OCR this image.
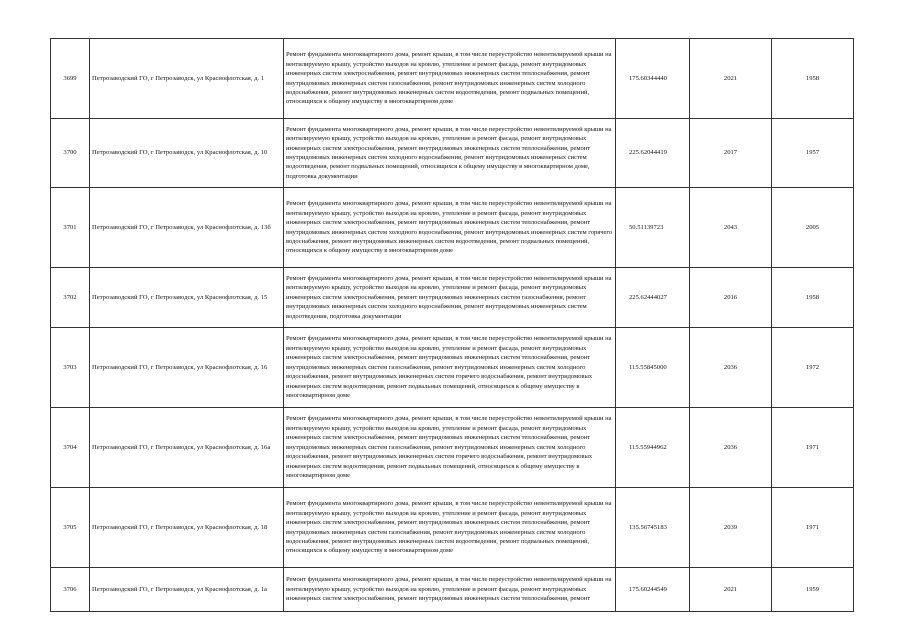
3699	Петрозаводский ГО, г Петрозаводск, ул Краснофлотская, д. 1	Ремонт фундамента многоквартирного дома, ремонт крыши, в том числе переустройство невентилируемой крыши на вентилируемую крышу, устройство выходов на кровлю, утепление и ремонт фасада, ремонт внутридомовых инженерных систем электроснабжения, ремонт внутридомовых инженерных систем теплоснабжения, ремонт внутридомовых инженерных систем газоснабжения, ремонт внутридомовых инженерных систем холодного водоснабжения, ремонт внутридомовых инженерных систем водоотведения, ремонт подвальных помещений, относящихся к общему имуществу в многоквартирном доме	175.60344440	2021	1958
3700	Петрозаводский ГО, г Петрозаводск, ул Краснофлотская, д. 10	Ремонт фундамента многоквартирного дома, ремонт крыши, в том числе переустройство невентилируемой крыши на вентилируемую крышу, устройство выходов на кровлю, утепление и ремонт фасада, ремонт внутридомовых инженерных систем электроснабжения, ремонт внутридомовых инженерных систем теплоснабжения, ремонт внутридомовых инженерных систем холодного водоснабжения, ремонт внутридомовых инженерных систем водоотведения, ремонт подвальных помещений, относящихся к общему имуществу в многоквартирном доме, подготовка документации	225.62044419	2017	1957
3701	Петрозаводский ГО, г Петрозаводск, ул Краснофлотская, д. 13б	Ремонт фундамента многоквартирного дома, ремонт крыши, в том числе переустройство невентилируемой крыши на вентилируемую крышу, устройство выходов на кровлю, утепление и ремонт фасада, ремонт внутридомовых инженерных систем электроснабжения, ремонт внутридомовых инженерных систем теплоснабжения, ремонт внутридомовых инженерных систем холодного водоснабжения, ремонт внутридомовых инженерных систем горячего водоснабжения, ремонт внутридомовых инженерных систем водоотведения, ремонт подвальных помещений, относящихся к общему имуществу в многоквартирном доме	50.51139723	2043	2005
3702	Петрозаводский ГО, г Петрозаводск, ул Краснофлотская, д. 15	Ремонт фундамента многоквартирного дома, ремонт крыши, в том числе переустройство невентилируемой крыши на вентилируемую крышу, устройство выходов на кровлю, утепление и ремонт фасада, ремонт внутридомовых инженерных систем электроснабжения, ремонт внутридомовых инженерных систем газоснабжения, ремонт внутридомовых инженерных систем холодного водоснабжения, ремонт внутридомовых инженерных систем водоотведения, подготовка документации	225.62444027	2016	1958
3703	Петрозаводский ГО, г Петрозаводск, ул Краснофлотская, д. 16	Ремонт фундамента многоквартирного дома, ремонт крыши, в том числе переустройство невентилируемой крыши на вентилируемую крышу, устройство выходов на кровлю, утепление и ремонт фасада, ремонт внутридомовых инженерных систем электроснабжения, ремонт внутридомовых инженерных систем теплоснабжения, ремонт внутридомовых инженерных систем газоснабжения, ремонт внутридомовых инженерных систем холодного водоснабжения, ремонт внутридомовых инженерных систем горячего водоснабжения, ремонт внутридомовых инженерных систем водоотведения, ремонт подвальных помещений, относящихся к общему имуществу в многоквартирном доме	115.55845000	2036	1972
3704	Петрозаводский ГО, г Петрозаводск, ул Краснофлотская, д. 16а	Ремонт фундамента многоквартирного дома, ремонт крыши, в том числе переустройство невентилируемой крыши на вентилируемую крышу, устройство выходов на кровлю, утепление и ремонт фасада, ремонт внутридомовых инженерных систем электроснабжения, ремонт внутридомовых инженерных систем теплоснабжения, ремонт внутридомовых инженерных систем газоснабжения, ремонт внутридомовых инженерных систем холодного водоснабжения, ремонт внутридомовых инженерных систем горячего водоснабжения, ремонт внутридомовых инженерных систем водоотведения, ремонт подвальных помещений, относящихся к общему имуществу в многоквартирном доме	115.55944962	2036	1971
3705	Петрозаводский ГО, г Петрозаводск, ул Краснофлотская, д. 18	Ремонт фундамента многоквартирного дома, ремонт крыши, в том числе переустройство невентилируемой крыши на вентилируемую крышу, устройство выходов на кровлю, утепление и ремонт фасада, ремонт внутридомовых инженерных систем электроснабжения, ремонт внутридомовых инженерных систем теплоснабжения, ремонт внутридомовых инженерных систем газоснабжения, ремонт внутридомовых инженерных систем холодного водоснабжения, ремонт внутридомовых инженерных систем водоотведения, ремонт подвальных помещений, относящихся к общему имуществу в многоквартирном доме	135.56745183	2039	1971
3706	Петрозаводский ГО, г Петрозаводск, ул Краснофлотская, д. 1а	Ремонт фундамента многоквартирного дома, ремонт крыши, в том числе переустройство невентилируемой крыши на вентилируемую крышу, устройство выходов на кровлю, утепление и ремонт фасада, ремонт внутридомовых инженерных систем электроснабжения, ремонт внутридомовых инженерных систем теплоснабжения, ремонт	175.60244549	2021	1959
